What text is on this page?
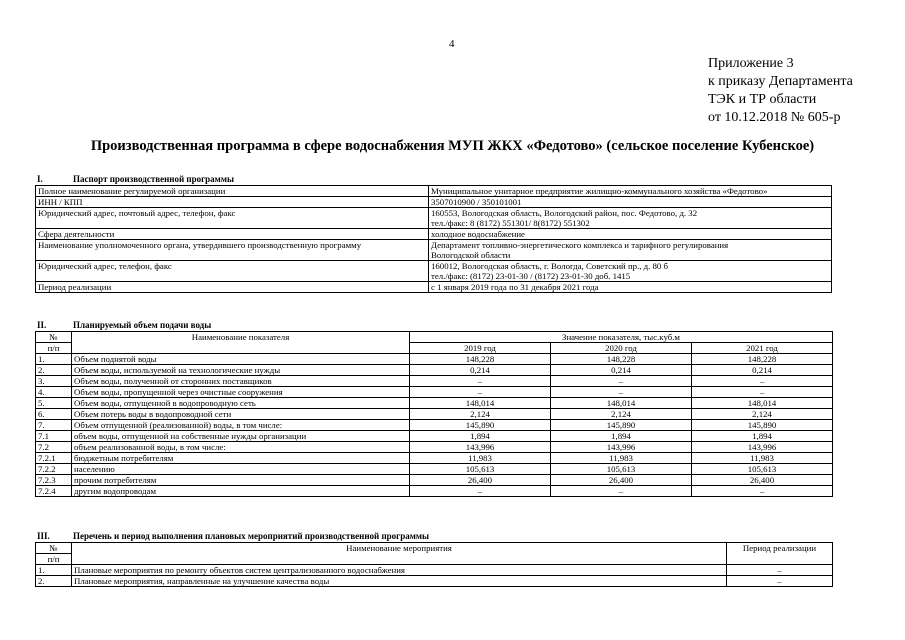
4
Приложение 3
к приказу Департамента
ТЭК и ТР области
от 10.12.2018 № 605-р
Производственная программа в сфере водоснабжения МУП ЖКХ «Федотово» (сельское поселение Кубенское)
I.	Паспорт производственной программы
Полное наименование регулируемой организации	Муниципальное унитарное предприятие жилищно-коммунального хозяйства «Федотово»

ИНН / КПП	3507010900 / 350101001

Юридический адрес, почтовый адрес, телефон, факс	160553, Вологодская область, Вологодский район, пос. Федотово, д. 32
тел./факс: 8 (8172) 551301/ 8(8172) 551302

Сфера деятельности	холодное водоснабжение

Наименование уполномоченного органа, утвердившего производственную программу	Департамент топливно-энергетического комплекса и тарифного регулирования
Вологодской области

Юридический адрес, телефон, факс	160012, Вологодская область, г. Вологда, Советский пр., д. 80 б
тел./факс: (8172) 23-01-30 / (8172) 23-01-30 доб. 1415

Период реализации	с 1 января 2019 года по 31 декабря 2021 года
II.	Планируемый объем подачи воды
№	Наименование показателя	Значение показателя, тыс.куб.м		
п/п		2019 год	2020 год	2021 год
1.	Объем поднятой воды	148,228	148,228	148,228
2.	Объем воды, используемой на технологические нужды	0,214	0,214	0,214
3.	Объем воды, полученной от сторонних поставщиков	–	–	–
4.	Объем воды, пропущенной через очистные сооружения	–	–	–
5.	Объем воды, отпущенной в водопроводную сеть	148,014	148,014	148,014
6.	Объем потерь воды в водопроводной сети	2,124	2,124	2,124
7.	Объем отпущенной (реализованной) воды, в том числе:	145,890	145,890	145,890
7.1	объем воды, отпущенной на собственные нужды организации	1,894	1,894	1,894
7.2	объем реализованной воды, в том числе:	143,996	143,996	143,996
7.2.1	бюджетным потребителям	11,983	11,983	11,983
7.2.2	населению	105,613	105,613	105,613
7.2.3	прочим потребителям	26,400	26,400	26,400
7.2.4	другим водопроводам	–	–	–
III.	Перечень и период выполнения плановых мероприятий производственной программы
№	Наименование мероприятия	Период реализации
п/п		
1.	Плановые мероприятия по ремонту объектов систем централизованного водоснабжения	–
2.	Плановые мероприятия, направленные на улучшение качества воды	–
